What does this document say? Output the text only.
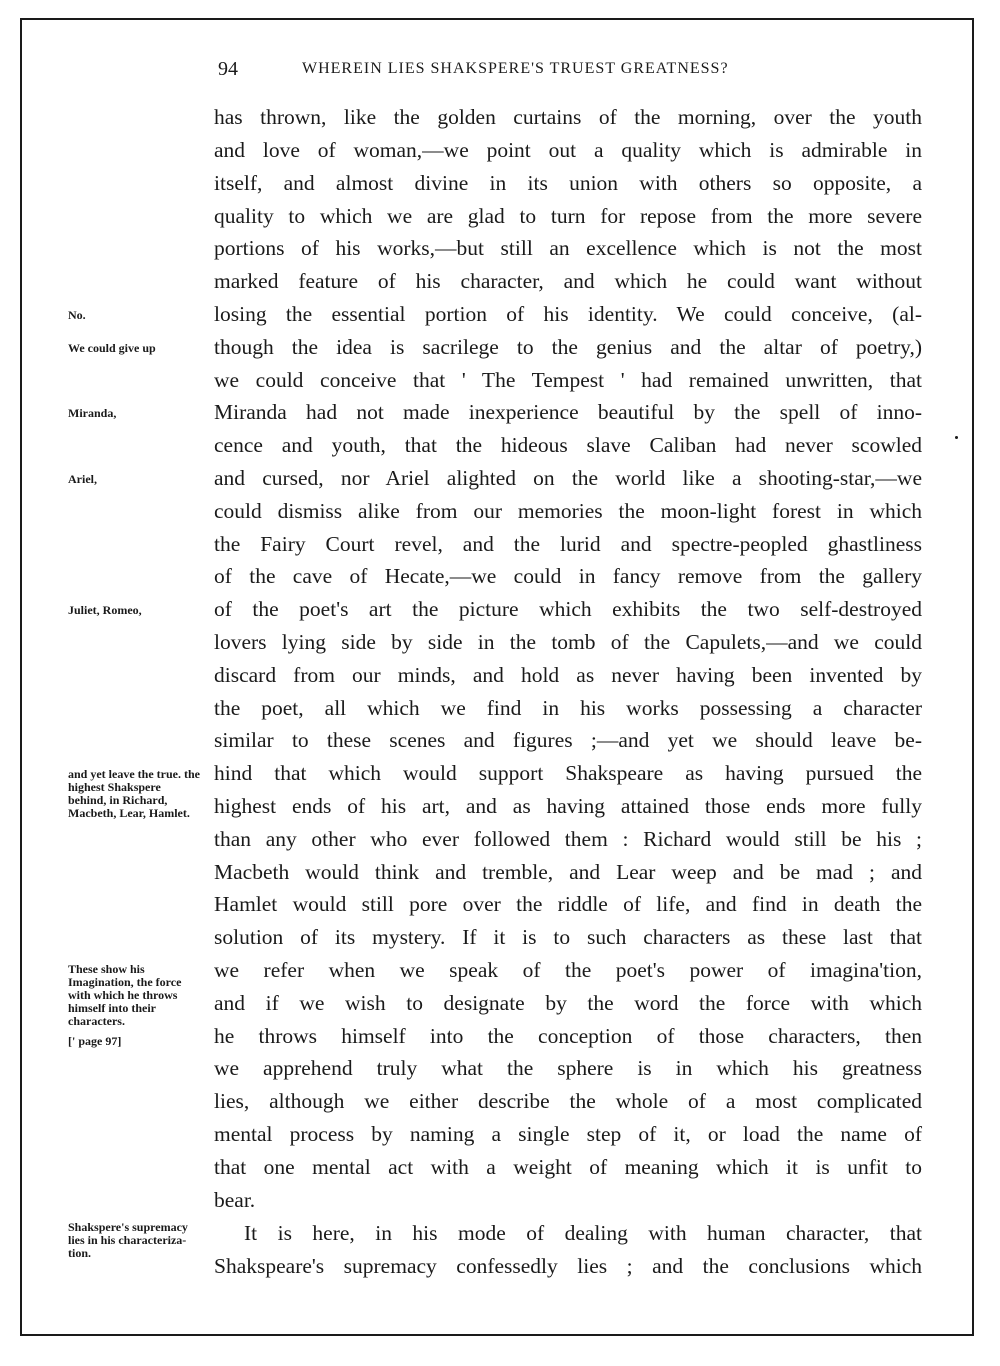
94	WHEREIN LIES SHAKSPERE'S TRUEST GREATNESS?
has thrown, like the golden curtains of the morning, over the youth
and love of woman,—we point out a quality which is admirable in
itself, and almost divine in its union with others so opposite, a
quality to which we are glad to turn for repose from the more severe
portions of his works,—but still an excellence which is not the most
marked feature of his character, and which he could want without
losing the essential portion of his identity. We could conceive, (al-
though the idea is sacrilege to the genius and the altar of poetry,)
we could conceive that ' The Tempest ' had remained unwritten, that
Miranda had not made inexperience beautiful by the spell of inno-
cence and youth, that the hideous slave Caliban had never scowled
and cursed, nor Ariel alighted on the world like a shooting-star,—we
could dismiss alike from our memories the moon-light forest in which
the Fairy Court revel, and the lurid and spectre-peopled ghastliness
of the cave of Hecate,—we could in fancy remove from the gallery
of the poet's art the picture which exhibits the two self-destroyed
lovers lying side by side in the tomb of the Capulets,—and we could
discard from our minds, and hold as never having been invented by
the poet, all which we find in his works possessing a character
similar to these scenes and figures ;—and yet we should leave be-
hind that which would support Shakspeare as having pursued the
highest ends of his art, and as having attained those ends more fully
than any other who ever followed them : Richard would still be his ;
Macbeth would think and tremble, and Lear weep and be mad ; and
Hamlet would still pore over the riddle of life, and find in death the
solution of its mystery. If it is to such characters as these last that
we refer when we speak of the poet's power of imagina'tion,
and if we wish to designate by the word the force with which
he throws himself into the conception of those characters, then
we apprehend truly what the sphere is in which his greatness
lies, although we either describe the whole of a most complicated
mental process by naming a single step of it, or load the name of
that one mental act with a weight of meaning which it is unfit to
bear.
It is here, in his mode of dealing with human character, that
Shakspeare's supremacy confessedly lies ; and the conclusions which
No.
We could give up
Miranda,
Ariel,
Juliet, Romeo,
and yet leave the true. the highest Shakspere behind, in Richard, Macbeth, Lear, Hamlet.
These show his Imagination, the force with which he throws himself into their characters.
[' page 97]
Shakspere's supremacy lies in his characteriza-tion.
